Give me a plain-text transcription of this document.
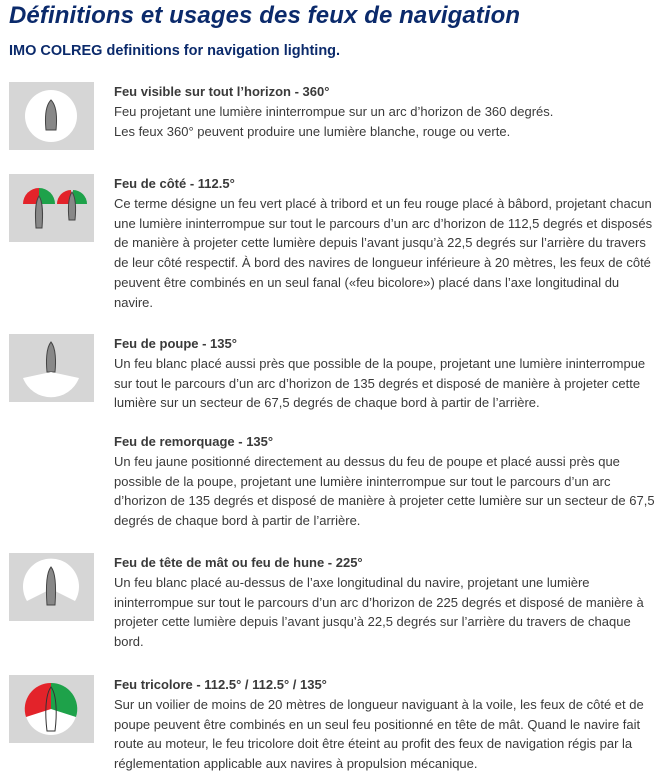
Définitions et usages des feux de navigation

IMO COLREG definitions for navigation lighting.

Feu visible sur tout l’horizon - 360°
Feu projetant une lumière ininterrompue sur un arc d’horizon de 360 degrés.
Les feux 360° peuvent produire une lumière blanche, rouge ou verte.
Feu de côté - 112.5°
Ce terme désigne un feu vert placé à tribord et un feu rouge placé à bâbord, projetant chacun une lumière ininterrompue sur tout le parcours d’un arc d’horizon de 112,5 degrés et disposés de manière à projeter cette lumière depuis l’avant jusqu’à 22,5 degrés sur l’arrière du travers de leur côté respectif. À bord des navires de longueur inférieure à 20 mètres, les feux de côté peuvent être combinés en un seul fanal («feu bicolore») placé dans l’axe longitudinal du navire.
Feu de poupe - 135°
Un feu blanc placé aussi près que possible de la poupe, projetant une lumière ininterrompue sur tout le parcours d’un arc d’horizon de 135 degrés et disposé de manière à projeter cette lumière sur un secteur de 67,5 degrés de chaque bord à partir de l’arrière.
Feu de remorquage - 135°
Un feu jaune positionné directement au dessus du feu de poupe et placé aussi près que possible de la poupe, projetant une lumière ininterrompue sur tout le parcours d’un arc d’horizon de 135 degrés et disposé de manière à projeter cette lumière sur un secteur de 67,5 degrés de chaque bord à partir de l’arrière.
Feu de tête de mât ou feu de hune - 225°
Un feu blanc placé au-dessus de l’axe longitudinal du navire, projetant une lumière ininterrompue sur tout le parcours d’un arc d’horizon de 225 degrés et disposé de manière à projeter cette lumière depuis l’avant jusqu’à 22,5 degrés sur l’arrière du travers de chaque bord.
Feu tricolore - 112.5° / 112.5° / 135°
Sur un voilier de moins de 20 mètres de longueur naviguant à la voile, les feux de côté et de poupe peuvent être combinés en un seul feu positionné en tête de mât. Quand le navire fait route au moteur, le feu tricolore doit être éteint au profit des feux de navigation régis par la réglementation applicable aux navires à propulsion mécanique.
